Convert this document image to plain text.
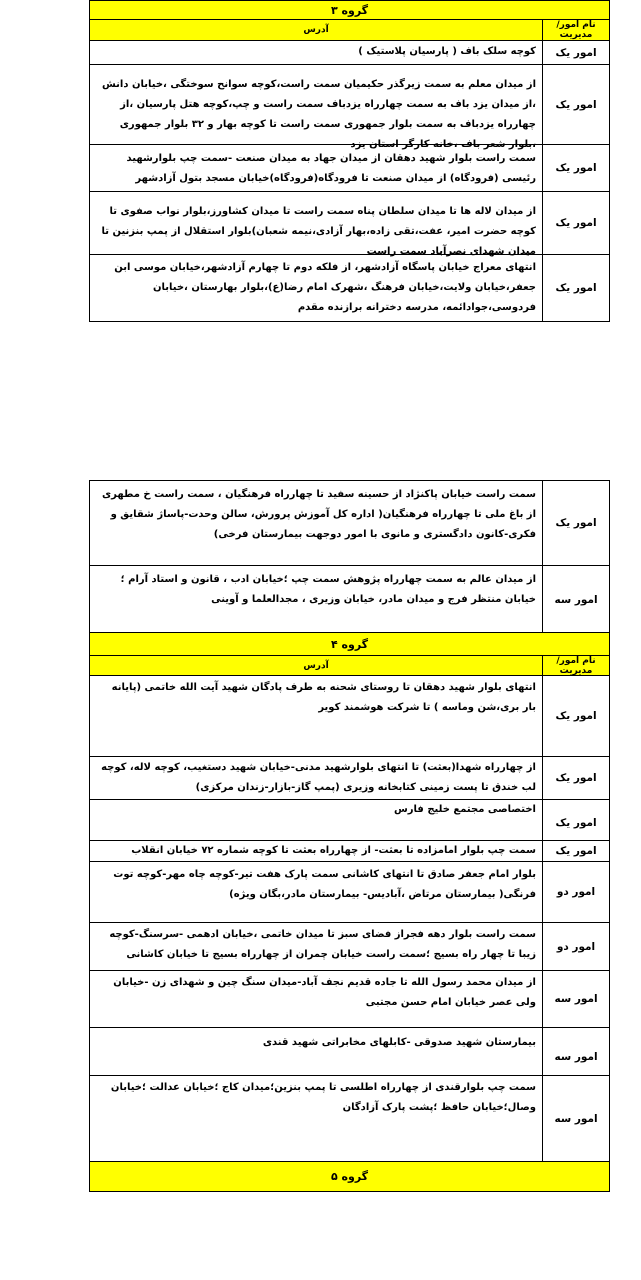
گروه ۳
نام امور/مدیریت
آدرس
امور یک
کوچه سلک باف ( پارسیان پلاستیک )
امور یک
از میدان معلم به سمت زیرگذر حکیمیان سمت راست،کوچه سوانح سوختگی ،خیابان دانش ،از میدان یزد باف به سمت چهارراه یزدباف سمت راست و چپ،کوچه هتل پارسیان ،از چهارراه یزدباف به سمت بلوار جمهوری سمت راست تا کوچه بهار و ۳۲ بلوار جمهوری ،بلوار شعر باف ،خانه کارگر استان یزد
امور یک
سمت راست بلوار شهید دهقان از میدان جهاد به میدان صنعت -سمت چپ بلوارشهید رئیسی (فرودگاه) از میدان صنعت تا فرودگاه(فرودگاه)خیابان مسجد بتول آزادشهر
امور یک
از میدان لاله ها تا میدان سلطان پناه سمت راست تا میدان کشاورز،بلوار نواب صفوی تا کوچه حضرت امیر، عفت،تقی زاده،بهار آزادی،نیمه شعبان)بلوار استقلال از پمپ بنزنین تا میدان شهدای نصرآباد سمت راست
امور یک
انتهای معراج خیابان پاسگاه آزادشهر، از فلکه دوم تا چهارم آزادشهر،خیابان موسی ابن جعفر،خیابان ولایت،خیابان فرهنگ ،شهرک امام رضا(ع)،بلوار بهارستان ،خیابان فردوسی،جوادائمه، مدرسه دخترانه برازنده مقدم
امور یک
سمت راست خیابان پاکنژاد از حسینه سفید تا چهارراه فرهنگیان ، سمت راست خ مطهری از باغ ملی تا چهارراه فرهنگیان( اداره کل آموزش پرورش، سالن وحدت-پاساژ شقایق و فکری-کانون دادگستری و مانوی با امور دوجهت بیمارستان فرخی)
امور سه
از میدان عالم به سمت چهارراه پژوهش سمت چپ ؛خیابان ادب ، قانون و استاد آرام ؛خیابان منتظر فرج و میدان مادر، خیابان وزیری ، مجدالعلما و آوینی
گروه ۴
نام امور/مدیریت
آدرس
امور یک
انتهای بلوار شهید دهقان تا روستای شحنه به طرف پادگان شهید آیت الله خاتمی (پایانه بار بری،شن وماسه ) تا شرکت هوشمند کویر
امور یک
از چهارراه شهدا(بعثت) تا انتهای بلوارشهید مدنی-خیابان شهید دستغیب، کوچه لاله، کوچه لب خندق تا پست زمینی کتابخانه وزیری (پمپ گاز-بازار-زندان مرکزی)
امور یک
اختصاصی مجتمع خلیج فارس
امور یک
سمت چپ بلوار امامزاده تا بعثت- از چهارراه بعثت تا کوچه شماره ۷۲ خیابان انقلاب
امور دو
بلوار امام جعفر صادق تا انتهای کاشانی سمت پارک هفت تیر-کوچه چاه مهر-کوچه توت فرنگی( بیمارستان مرتاض ،آبادیس- بیمارستان مادر،بگان ویژه)
امور دو
سمت راست بلوار دهه فجراز فضای سبز تا میدان خاتمی ،خیابان ادهمی -سرسنگ-کوچه زیبا تا چهار راه بسیج ؛سمت راست خیابان چمران از چهارراه بسیج تا خیابان کاشانی
امور سه
از میدان محمد رسول الله تا جاده قدیم نجف آباد-میدان سنگ چین و شهدای زن -خیابان ولی عصر خیابان امام حسن مجتبی
امور سه
بیمارستان شهید صدوقی -کابلهای مخابراتی شهید قندی
امور سه
سمت چپ بلوارقندی از چهارراه اطلسی تا پمپ بنزین؛میدان کاج ؛خیابان عدالت ؛خیابان وصال؛خیابان حافظ ؛پشت پارک آزادگان
گروه ۵
